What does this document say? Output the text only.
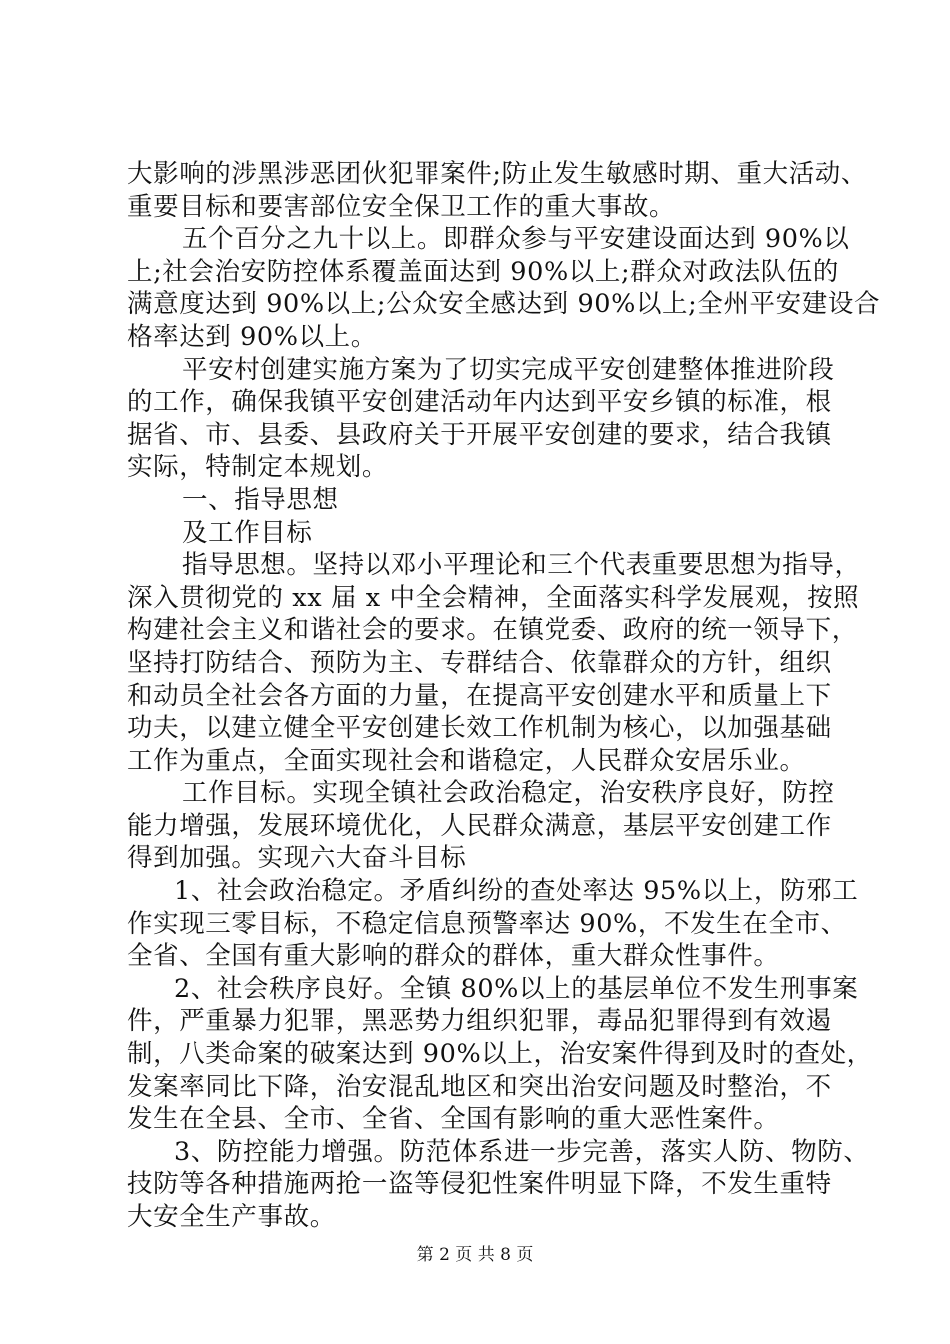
大影响的涉黑涉恶团伙犯罪案件;防止发生敏感时期、重大活动、
重要目标和要害部位安全保卫工作的重大事故。
五个百分之九十以上。即群众参与平安建设面达到 90%以
上;社会治安防控体系覆盖面达到 90%以上;群众对政法队伍的
满意度达到 90%以上;公众安全感达到 90%以上;全州平安建设合
格率达到 90%以上。
平安村创建实施方案为了切实完成平安创建整体推进阶段
的工作，确保我镇平安创建活动年内达到平安乡镇的标准，根
据省、市、县委、县政府关于开展平安创建的要求，结合我镇
实际，特制定本规划。
一、指导思想
及工作目标
指导思想。坚持以邓小平理论和三个代表重要思想为指导，
深入贯彻党的 xx 届 x 中全会精神，全面落实科学发展观，按照
构建社会主义和谐社会的要求。在镇党委、政府的统一领导下，
坚持打防结合、预防为主、专群结合、依靠群众的方针，组织
和动员全社会各方面的力量，在提高平安创建水平和质量上下
功夫，以建立健全平安创建长效工作机制为核心，以加强基础
工作为重点，全面实现社会和谐稳定，人民群众安居乐业。
工作目标。实现全镇社会政治稳定，治安秩序良好，防控
能力增强，发展环境优化，人民群众满意，基层平安创建工作
得到加强。实现六大奋斗目标
1、社会政治稳定。矛盾纠纷的查处率达 95%以上，防邪工
作实现三零目标，不稳定信息预警率达 90%，不发生在全市、
全省、全国有重大影响的群众的群体，重大群众性事件。
2、社会秩序良好。全镇 80%以上的基层单位不发生刑事案
件，严重暴力犯罪，黑恶势力组织犯罪，毒品犯罪得到有效遏
制，八类命案的破案达到 90%以上，治安案件得到及时的查处，
发案率同比下降，治安混乱地区和突出治安问题及时整治，不
发生在全县、全市、全省、全国有影响的重大恶性案件。
3、防控能力增强。防范体系进一步完善，落实人防、物防、
技防等各种措施两抢一盗等侵犯性案件明显下降，不发生重特
大安全生产事故。
第 2 页 共 8 页
